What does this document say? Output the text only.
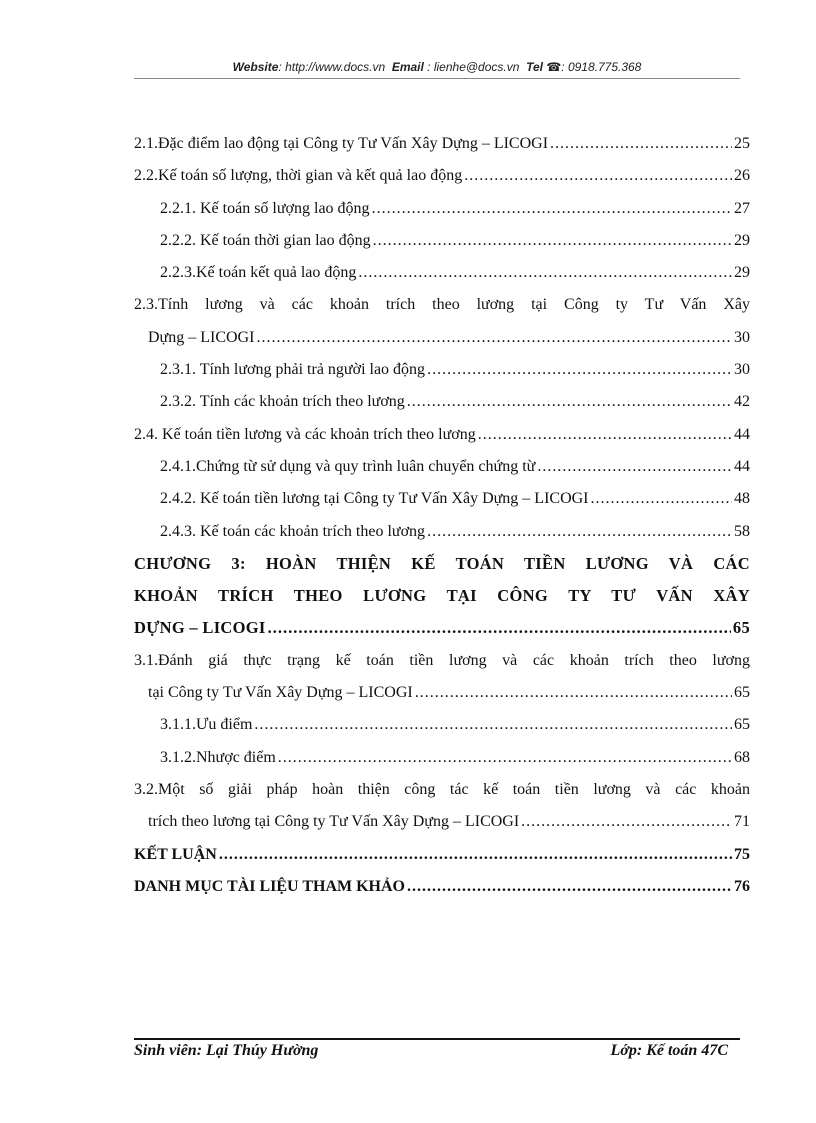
Website: http://www.docs.vn Email : lienhe@docs.vn Tel ☎: 0918.775.368
2.1.Đặc điểm lao động tại Công ty Tư Vấn Xây Dựng – LICOGI .....	25
2.2.Kế toán số lượng, thời gian và kết quả lao động .....	26
2.2.1. Kế toán số lượng lao động .....	27
2.2.2. Kế toán thời gian lao động .....	29
2.2.3.Kế toán kết quả lao động .....	29
2.3.Tính lương và các khoản trích theo lương tại Công ty Tư Vấn Xây
Dựng – LICOGI .....	30
2.3.1. Tính lương phải trả người lao động .....	30
2.3.2. Tính các khoản trích theo lương .....	42
2.4. Kế toán tiền lương và các khoản trích theo lương .....	44
2.4.1.Chứng từ sử dụng và quy trình luân chuyển chứng từ .....	44
2.4.2. Kế toán tiền lương tại Công ty Tư Vấn Xây Dựng – LICOGI .....	48
2.4.3. Kế toán các khoản trích theo lương .....	58
CHƯƠNG 3: HOÀN THIỆN KẾ TOÁN TIỀN LƯƠNG VÀ CÁC
KHOẢN TRÍCH THEO LƯƠNG TẠI CÔNG TY TƯ VẤN XÂY
DỰNG – LICOGI .....	65
3.1.Đánh giá thực trạng kế toán tiền lương và các khoản trích theo lương
tại Công ty Tư Vấn Xây Dựng – LICOGI .....	65
3.1.1.Ưu điểm .....	65
3.1.2.Nhược điểm .....	68
3.2.Một số giải pháp hoàn thiện công tác kế toán tiền lương và các khoản
trích theo lương tại Công ty Tư Vấn Xây Dựng – LICOGI .....	71
KẾT LUẬN .....	75
DANH MỤC TÀI LIỆU THAM KHẢO .....	76
Sinh viên: Lại Thúy Hường	Lớp: Kế toán 47C
